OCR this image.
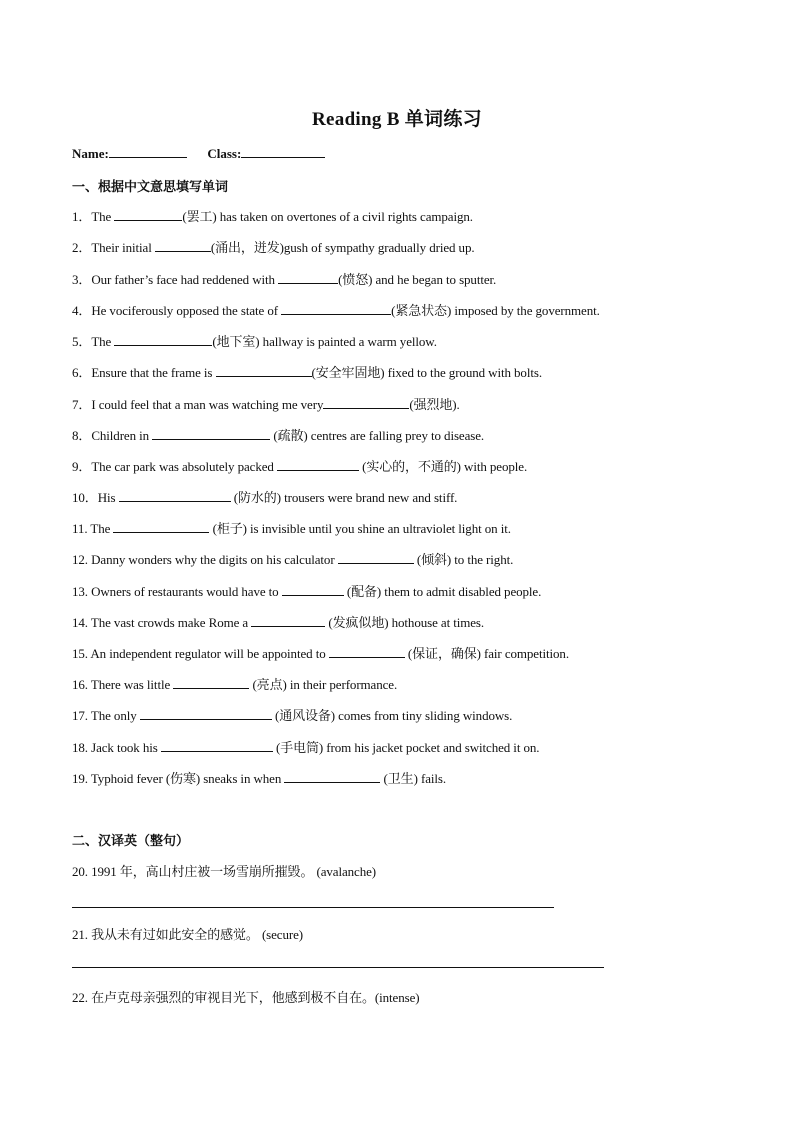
Reading B 单词练习
Name:	Class:
一、根据中文意思填写单词
1．The	(罢工) has taken on overtones of a civil rights campaign.
2．Their initial	(涌出，迸发)gush of sympathy gradually dried up.
3．Our father’s face had reddened with	(愤怒) and he began to sputter.
4．He vociferously opposed the state of	(紧急状态) imposed by the government.
5．The	(地下室) hallway is painted a warm yellow.
6．Ensure that the frame is	(安全牢固地) fixed to the ground with bolts.
7．I could feel that a man was watching me very	(强烈地).
8．Children in	(疏散) centres are falling prey to disease.
9．The car park was absolutely packed	(实心的，不通的) with people.
10．His	(防水的) trousers were brand new and stiff.
11. The	(柜子) is invisible until you shine an ultraviolet light on it.
12. Danny wonders why the digits on his calculator	(倾斜) to the right.
13. Owners of restaurants would have to	(配备) them to admit disabled people.
14. The vast crowds make Rome a	(发疯似地) hothouse at times.
15. An independent regulator will be appointed to	(保证，确保) fair competition.
16. There was little	(亮点) in their performance.
17. The only	(通风设备) comes from tiny sliding windows.
18. Jack took his	(手电筒) from his jacket pocket and switched it on.
19. Typhoid fever (伤寒) sneaks in when	(卫生) fails.
二、汉译英（整句）
20. 1991 年，高山村庄被一场雪崩所摧毁。 (avalanche)
21. 我从未有过如此安全的感觉。 (secure)
22. 在卢克母亲强烈的审视目光下，他感到极不自在。(intense)
